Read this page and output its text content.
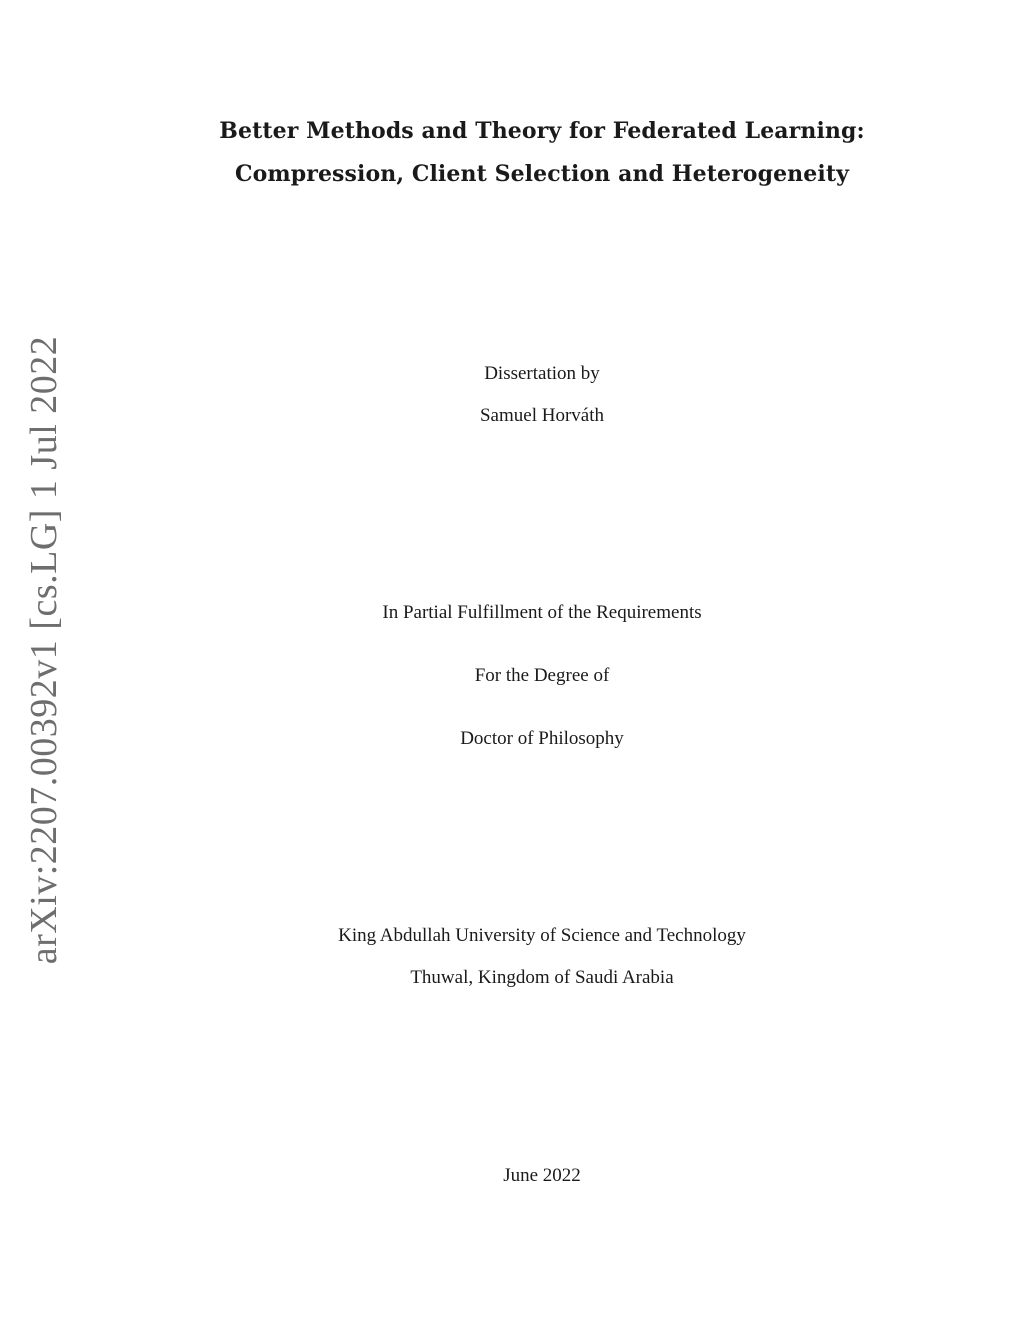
arXiv:2207.00392v1 [cs.LG] 1 Jul 2022
Better Methods and Theory for Federated Learning:
Compression, Client Selection and Heterogeneity
Dissertation by
Samuel Horváth
In Partial Fulfillment of the Requirements
For the Degree of
Doctor of Philosophy
King Abdullah University of Science and Technology
Thuwal, Kingdom of Saudi Arabia
June 2022
